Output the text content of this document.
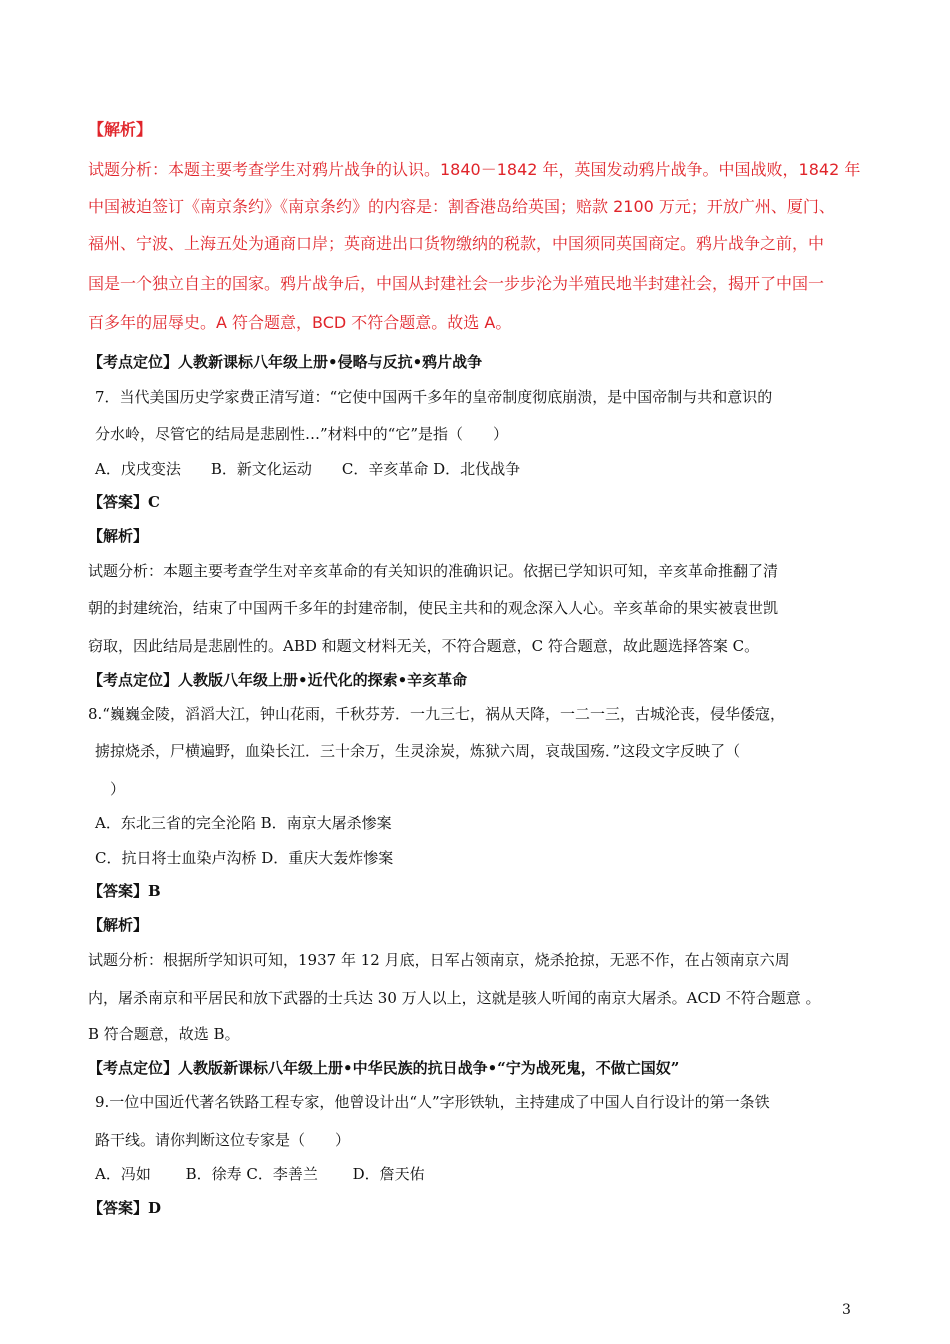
【解析】
试题分析：本题主要考查学生对鸦片战争的认识。1840－1842 年，英国发动鸦片战争。中国战败，1842 年
中国被迫签订《南京条约》《南京条约》的内容是：割香港岛给英国；赔款 2100 万元；开放广州、厦门、
福州、宁波、上海五处为通商口岸；英商进出口货物缴纳的税款，中国须同英国商定。鸦片战争之前，中
国是一个独立自主的国家。鸦片战争后，中国从封建社会一步步沦为半殖民地半封建社会，揭开了中国一
百多年的屈辱史。A 符合题意，BCD 不符合题意。故选 A。
【考点定位】人教新课标八年级上册•侵略与反抗•鸦片战争
7．当代美国历史学家费正清写道：“它使中国两千多年的皇帝制度彻底崩溃，是中国帝制与共和意识的
分水岭，尽管它的结局是悲剧性…”材料中的“它”是指（　　）
A．戊戌变法　　B．新文化运动　　C．辛亥革命 D．北伐战争
【答案】C
【解析】
试题分析：本题主要考查学生对辛亥革命的有关知识的准确识记。依据已学知识可知，辛亥革命推翻了清
朝的封建统治，结束了中国两千多年的封建帝制，使民主共和的观念深入人心。辛亥革命的果实被袁世凯
窃取，因此结局是悲剧性的。ABD 和题文材料无关，不符合题意，C 符合题意，故此题选择答案 C。
【考点定位】人教版八年级上册•近代化的探索•辛亥革命
8.“巍巍金陵，滔滔大江，钟山花雨，千秋芬芳．一九三七，祸从天降，一二一三，古城沦丧，侵华倭寇，
掳掠烧杀，尸横遍野，血染长江．三十余万，生灵涂炭，炼狱六周，哀哉国殇．”这段文字反映了（
）
A．东北三省的完全沦陷 B．南京大屠杀惨案
C．抗日将士血染卢沟桥 D．重庆大轰炸惨案
【答案】B
【解析】
试题分析：根据所学知识可知，1937 年 12 月底，日军占领南京，烧杀抢掠，无恶不作，在占领南京六周
内，屠杀南京和平居民和放下武器的士兵达 30 万人以上，这就是骇人听闻的南京大屠杀。ACD 不符合题意 。
B 符合题意，故选 B。
【考点定位】人教版新课标八年级上册•中华民族的抗日战争•“宁为战死鬼，不做亡国奴”
9.一位中国近代著名铁路工程专家，他曾设计出“人”字形铁轨，主持建成了中国人自行设计的第一条铁
路干线。请你判断这位专家是（　　）
A．冯如　　 B．徐寿 C．李善兰　　 D．詹天佑
【答案】D
3
